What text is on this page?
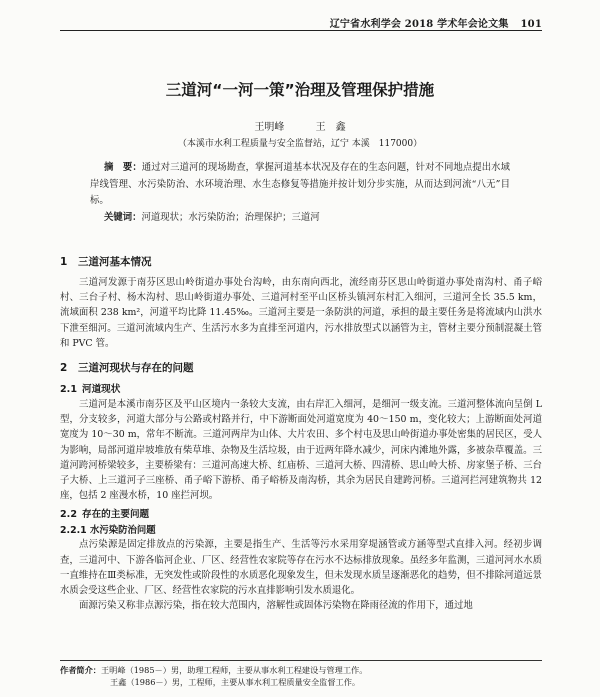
辽宁省水利学会 2018 学术年会论文集 101
三道河“一河一策”治理及管理保护措施
王明峰	王　鑫
（本溪市水利工程质量与安全监督站，辽宁 本溪　117000）

摘　要：通过对三道河的现场勘查，掌握河道基本状况及存在的生态问题，针对不同地点提出水域岸线管理、水污染防治、水环境治理、水生态修复等措施并按计划分步实施，从而达到河流“八无”目标。

关键词：河道现状；水污染防治；治理保护；三道河

1 三道河基本情况

三道河发源于南芬区思山岭街道办事处台沟岭，由东南向西北，流经南芬区思山岭街道办事处南沟村、甬子峪村、三台子村、杨木沟村、思山岭街道办事处、三道河村至平山区桥头镇河东村汇入细河，三道河全长 35.5 km，流域面积 238 km²，河道平均比降 11.45‰。三道河主要是一条防洪的河道，承担的最主要任务是将流域内山洪水下泄至细河。三道河流域内生产、生活污水多为直排至河道内，污水排放型式以涵管为主，管材主要分预制混凝土管和 PVC 管。

2 三道河现状与存在的问题
2.1 河道现状

三道河是本溪市南芬区及平山区境内一条较大支流，由右岸汇入细河，是细河一级支流。三道河整体流向呈倒 L 型，分支较多，河道大部分与公路或村路并行，中下游断面处河道宽度为 40～150 m，变化较大；上游断面处河道宽度为 10～30 m，常年不断流。三道河两岸为山体、大片农田、多个村屯及思山岭街道办事处密集的居民区，受人为影响，局部河道岸坡堆放有柴草堆、杂物及生活垃圾，由于近两年降水减少，河床内滩地外露，多被杂草覆盖。三道河跨河桥梁较多，主要桥梁有：三道河高速大桥、红庙桥、三道河大桥、四清桥、思山岭大桥、房家堡子桥、三台子大桥、上三道河子三座桥、甬子峪下游桥、甬子峪桥及南沟桥，其余为居民自建跨河桥。三道河拦河建筑物共 12 座，包括 2 座漫水桥，10 座拦河坝。

2.2 存在的主要问题
2.2.1 水污染防治问题

点污染源是固定排放点的污染源，主要是指生产、生活等污水采用穿堤涵管或方涵等型式直排入河。经初步调查，三道河中、下游各临河企业、厂区、经营性农家院等存在污水不达标排放现象。虽经多年监测，三道河河水水质一直维持在Ⅲ类标准，无突发性或阶段性的水质恶化现象发生，但未发现水质呈逐渐恶化的趋势，但不排除河道远景水质会受这些企业、厂区、经营性农家院的污水直排影响引发水质退化。

面源污染又称非点源污染，指在较大范围内，溶解性或固体污染物在降雨径流的作用下，通过地

作者简介：王明峰（1985－）男，助理工程师，主要从事水利工程建设与管理工作。
王鑫（1986－）男，工程师，主要从事水利工程质量安全监督工作。
